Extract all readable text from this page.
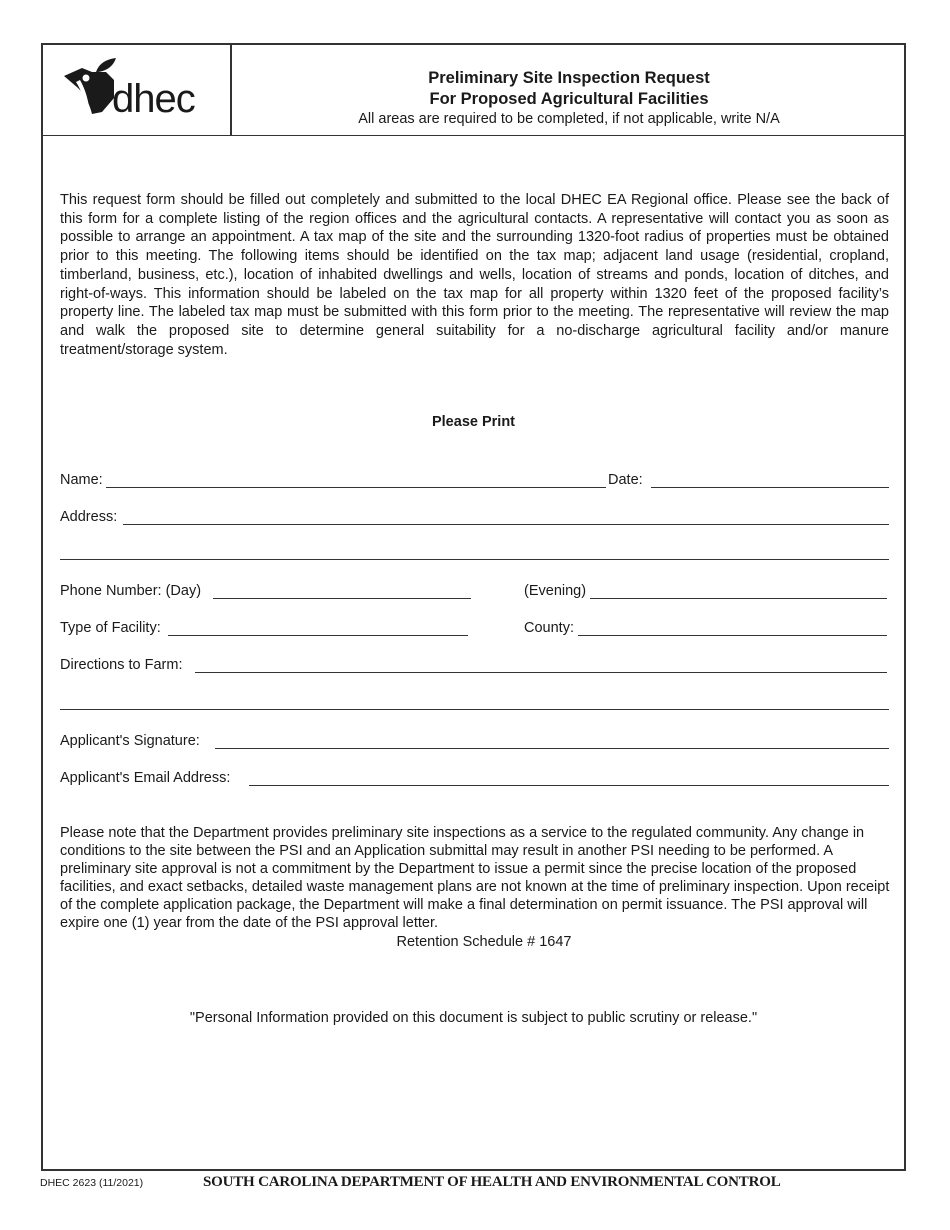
dhec	Preliminary Site Inspection Request
For Proposed Agricultural Facilities
All areas are required to be completed, if not applicable, write N/A
This request form should be filled out completely and submitted to the local DHEC EA Regional office. Please see the back of this form for a complete listing of the region offices and the agricultural contacts. A representative will contact you as soon as possible to arrange an appointment. A tax map of the site and the surrounding 1320-foot radius of properties must be obtained prior to this meeting. The following items should be identified on the tax map; adjacent land usage (residential, cropland, timberland, business, etc.), location of inhabited dwellings and wells, location of streams and ponds, location of ditches, and right-of-ways. This information should be labeled on the tax map for all property within 1320 feet of the proposed facility’s property line. The labeled tax map must be submitted with this form prior to the meeting. The representative will review the map and walk the proposed site to determine general suitability for a no-discharge agricultural facility and/or manure treatment/storage system.
Please Print
Name:	Date:
Address:
Phone Number: (Day)	(Evening)
Type of Facility:	County:
Directions to Farm:
Applicant's Signature:
Applicant's Email Address:
Please note that the Department provides preliminary site inspections as a service to the regulated community. Any change in conditions to the site between the PSI and an Application submittal may result in another PSI needing to be performed. A preliminary site approval is not a commitment by the Department to issue a permit since the precise location of the proposed facilities, and exact setbacks, detailed waste management plans are not known at the time of preliminary inspection. Upon receipt of the complete application package, the Department will make a final determination on permit issuance. The PSI approval will expire one (1) year from the date of the PSI approval letter.
Retention Schedule # 1647
"Personal Information provided on this document is subject to public scrutiny or release."
DHEC 2623 (11/2021)	SOUTH CAROLINA DEPARTMENT OF HEALTH AND ENVIRONMENTAL CONTROL
